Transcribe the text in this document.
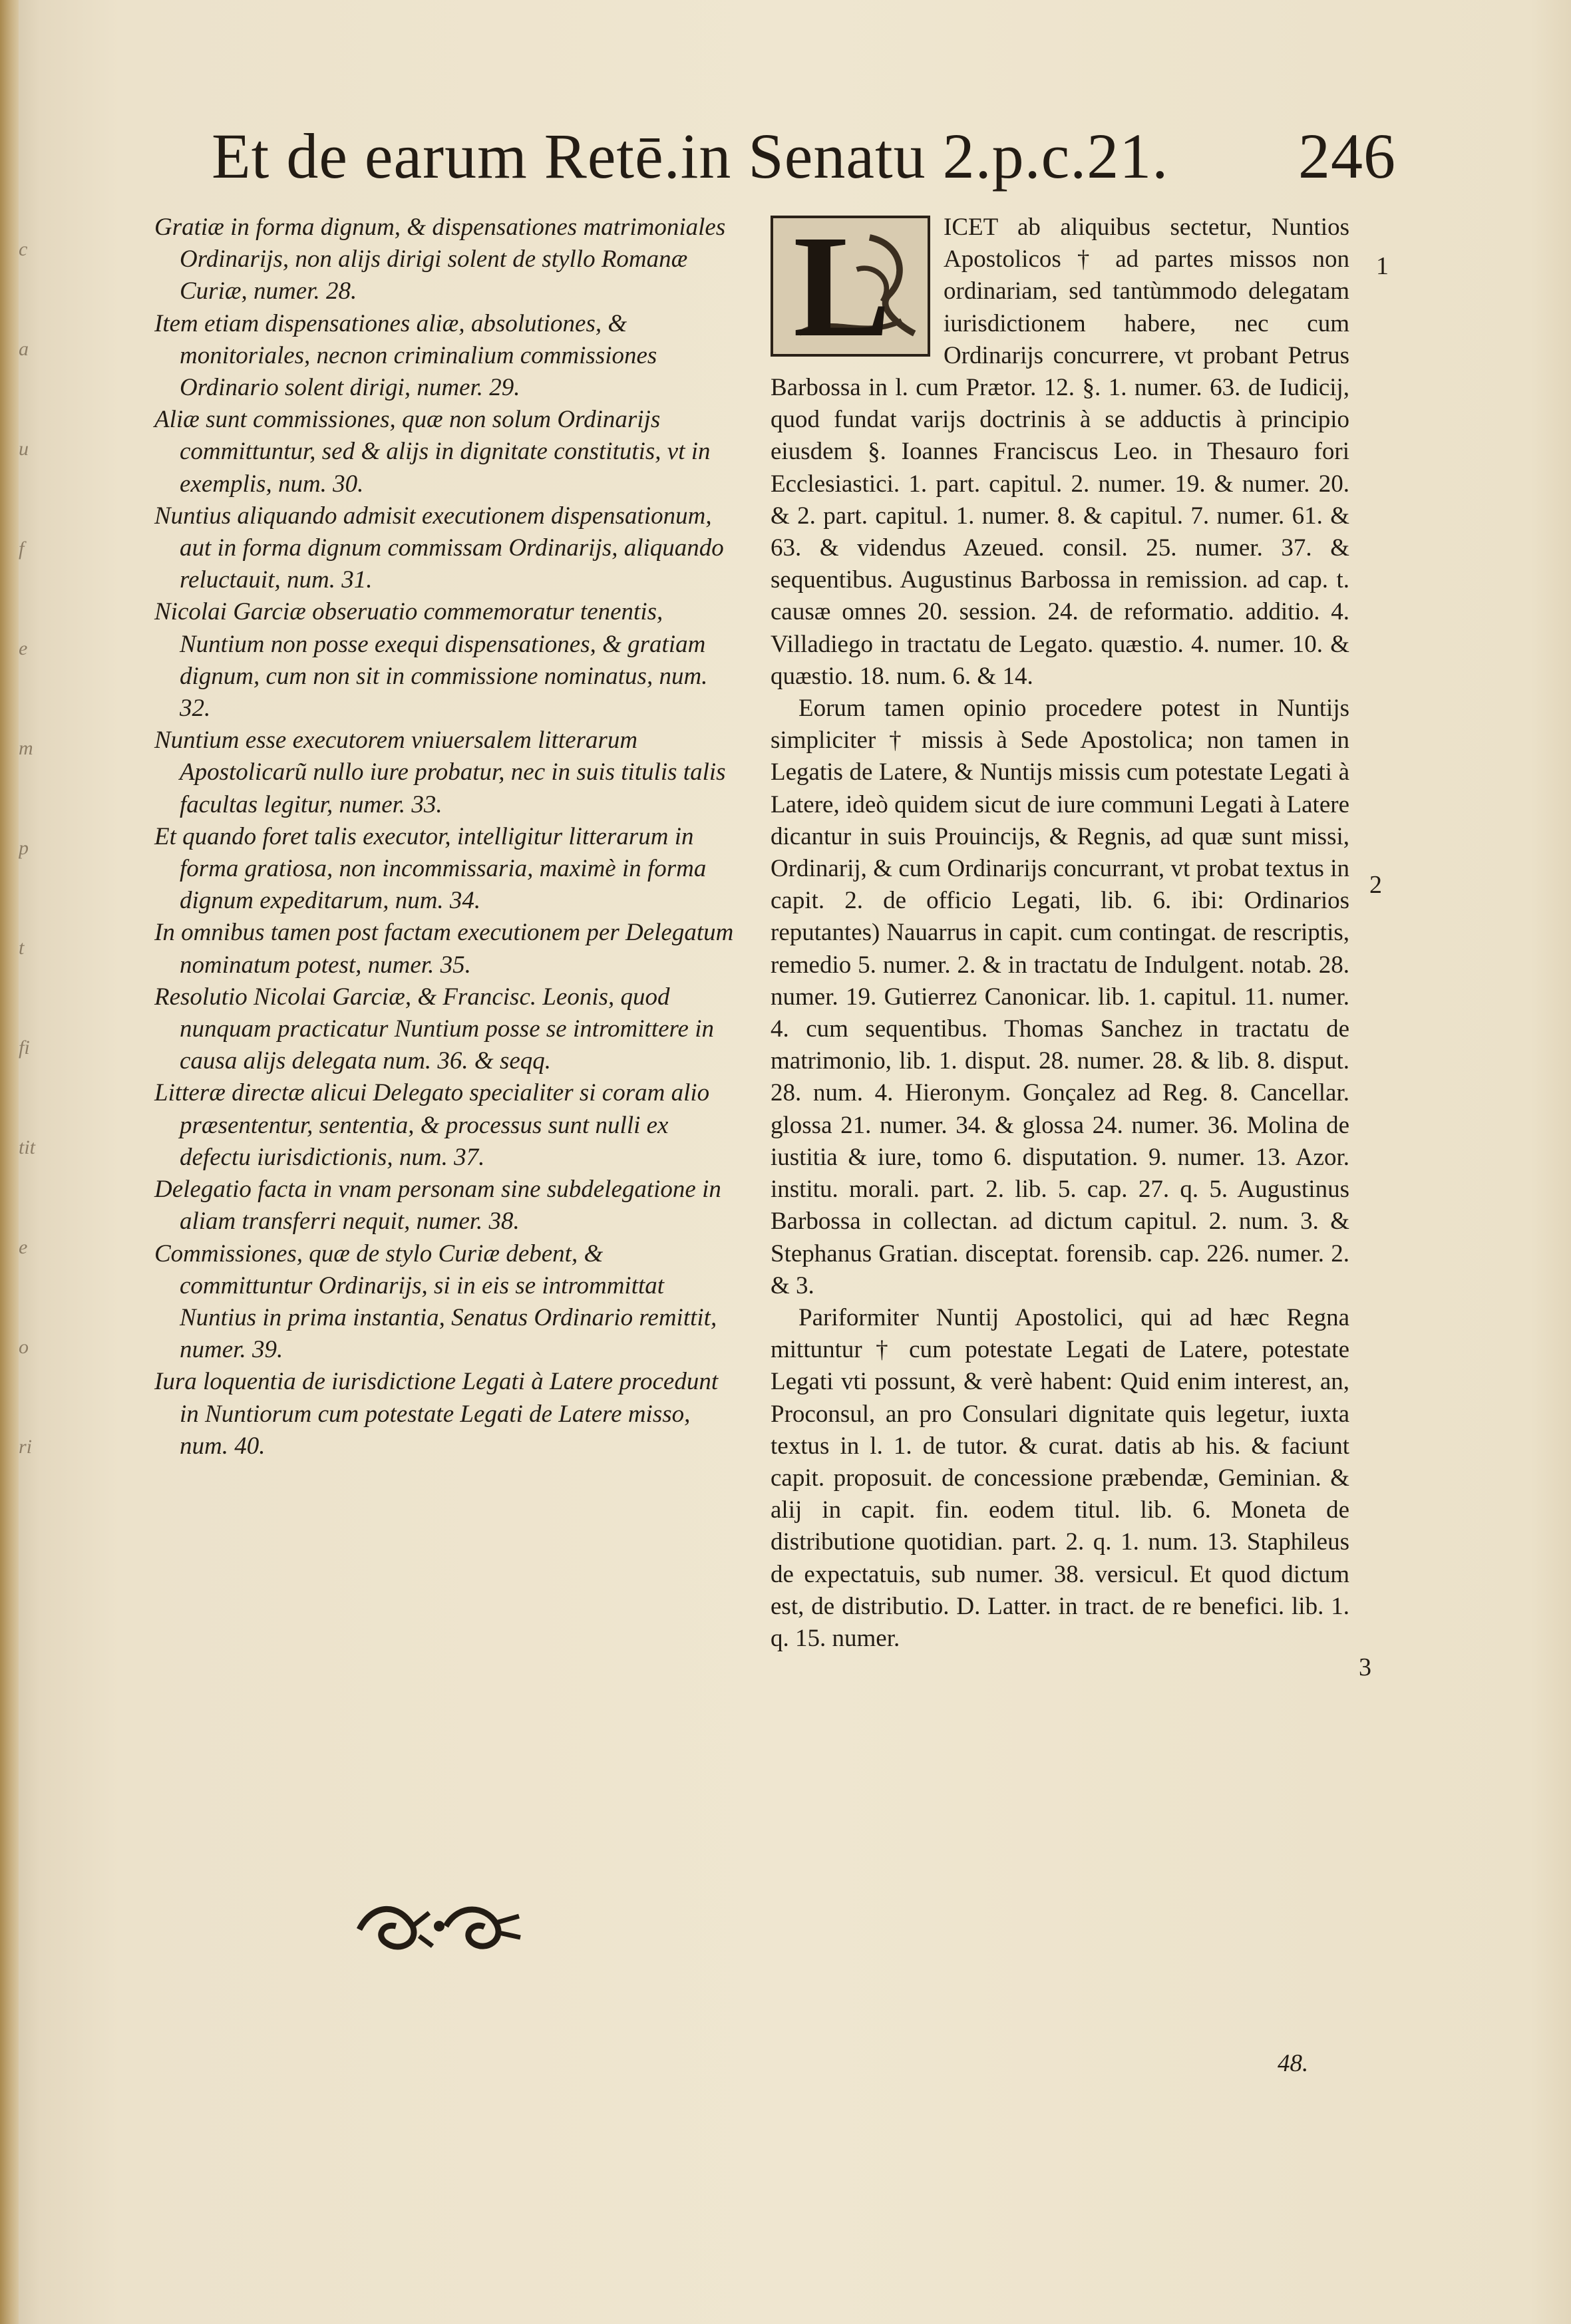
c
a
u
f
e
m
p
t
fi
tit
e
o
ri
Et de earum Retē.in Senatu 2.p.c.21. 246

Gratiæ in forma dignum, & dispensationes matrimoniales Ordinarijs, non alijs dirigi solent de styllo Romanæ Curiæ, numer. 28.

Item etiam dispensationes aliæ, absolutiones, & monitoriales, necnon criminalium commissiones Ordinario solent dirigi, numer. 29.

Aliæ sunt commissiones, quæ non solum Ordinarijs committuntur, sed & alijs in dignitate constitutis, vt in exemplis, num. 30.

Nuntius aliquando admisit executionem dispensationum, aut in forma dignum commissam Ordinarijs, aliquando reluctauit, num. 31.

Nicolai Garciæ obseruatio commemoratur tenentis, Nuntium non posse exequi dispensationes, & gratiam dignum, cum non sit in commissione nominatus, num. 32.

Nuntium esse executorem vniuersalem litterarum Apostolicarũ nullo iure probatur, nec in suis titulis talis facultas legitur, numer. 33.

Et quando foret talis executor, intelligitur litterarum in forma gratiosa, non incommissaria, maximè in forma dignum expeditarum, num. 34.

In omnibus tamen post factam executionem per Delegatum nominatum potest, numer. 35.

Resolutio Nicolai Garciæ, & Francisc. Leonis, quod nunquam practicatur Nuntium posse se intromittere in causa alijs delegata num. 36. & seqq.

Litteræ directæ alicui Delegato specialiter si coram alio præsententur, sententia, & processus sunt nulli ex defectu iurisdictionis, num. 37.

Delegatio facta in vnam personam sine subdelegatione in aliam transferri nequit, numer. 38.

Commissiones, quæ de stylo Curiæ debent, & committuntur Ordinarijs, si in eis se intrommittat Nuntius in prima instantia, Senatus Ordinario remittit, numer. 39.

Iura loquentia de iurisdictione Legati à Latere procedunt in Nuntiorum cum potestate Legati de Latere misso, num. 40.

L	ICET ab aliquibus sectetur, Nuntios Apostolicos † ad partes missos non ordinariam, sed tantùmmodo delegatam iurisdictionem habere, nec cum Ordinarijs concurrere, vt probant Petrus Barbossa in l. cum Prætor. 12. §. 1. numer. 63. de Iudicij, quod fundat varijs doctrinis à se adductis à principio eiusdem §. Ioannes Franciscus Leo. in Thesauro fori Ecclesiastici. 1. part. capitul. 2. numer. 19. & numer. 20. & 2. part. capitul. 1. numer. 8. & capitul. 7. numer. 61. & 63. & videndus Azeued. consil. 25. numer. 37. & sequentibus. Augustinus Barbossa in remission. ad cap. t. causæ omnes 20. session. 24. de reformatio. additio. 4. Villadiego in tractatu de Legato. quæstio. 4. numer. 10. & quæstio. 18. num. 6. & 14.

Eorum tamen opinio procedere potest in Nuntijs simpliciter † missis à Sede Apostolica; non tamen in Legatis de Latere, & Nuntijs missis cum potestate Legati à Latere, ideò quidem sicut de iure communi Legati à Latere dicantur in suis Prouincijs, & Regnis, ad quæ sunt missi, Ordinarij, & cum Ordinarijs concurrant, vt probat textus in capit. 2. de officio Legati, lib. 6. ibi: Ordinarios reputantes) Nauarrus in capit. cum contingat. de rescriptis, remedio 5. numer. 2. & in tractatu de Indulgent. notab. 28. numer. 19. Gutierrez Canonicar. lib. 1. capitul. 11. numer. 4. cum sequentibus. Thomas Sanchez in tractatu de matrimonio, lib. 1. disput. 28. numer. 28. & lib. 8. disput. 28. num. 4. Hieronym. Gonçalez ad Reg. 8. Cancellar. glossa 21. numer. 34. & glossa 24. numer. 36. Molina de iustitia & iure, tomo 6. disputation. 9. numer. 13. Azor. institu. morali. part. 2. lib. 5. cap. 27. q. 5. Augustinus Barbossa in collectan. ad dictum capitul. 2. num. 3. & Stephanus Gratian. disceptat. forensib. cap. 226. numer. 2. & 3.

Pariformiter Nuntij Apostolici, qui ad hæc Regna mittuntur † cum potestate Legati de Latere, potestate Legati vti possunt, & verè habent: Quid enim interest, an, Proconsul, an pro Consulari dignitate quis legetur, iuxta textus in l. 1. de tutor. & curat. datis ab his. & faciunt capit. proposuit. de concessione præbendæ, Geminian. & alij in capit. fin. eodem titul. lib. 6. Moneta de distributione quotidian. part. 2. q. 1. num. 13. Staphileus de expectatuis, sub numer. 38. versicul. Et quod dictum est, de distributio. D. Latter. in tract. de re benefici. lib. 1. q. 15. numer.

1
2
3
48.
